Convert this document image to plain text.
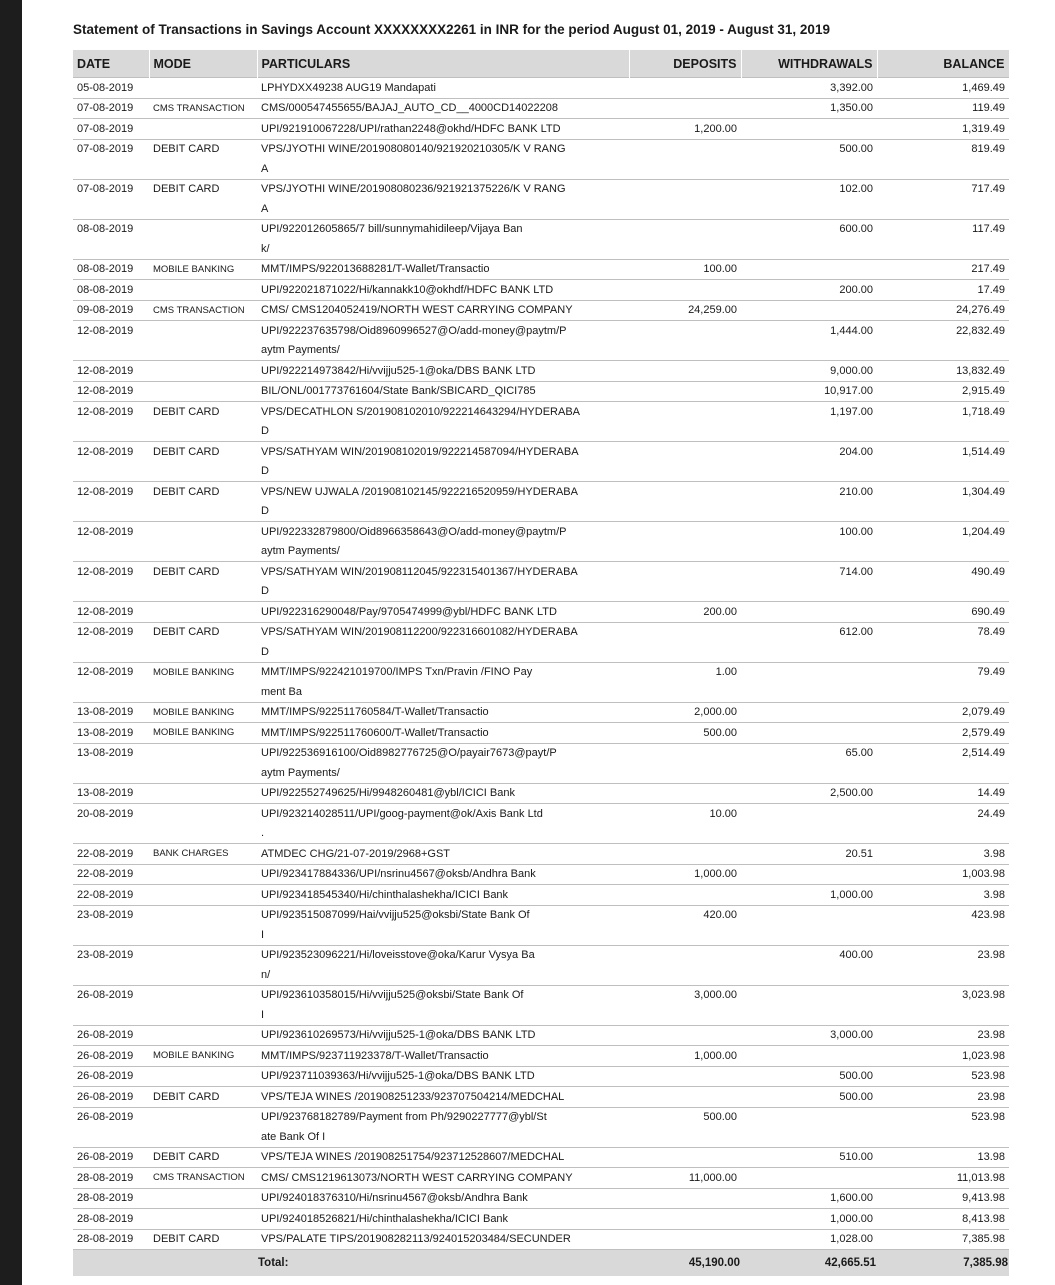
Statement of Transactions in Savings Account XXXXXXXX2261 in INR for the period August 01, 2019 - August 31, 2019
DATE	MODE	PARTICULARS	DEPOSITS	WITHDRAWALS	BALANCE
05-08-2019		LPHYDXX49238 AUG19 Mandapati		3,392.00	1,469.49
07-08-2019	CMS TRANSACTION	CMS/000547455655/BAJAJ_AUTO_CD__4000CD14022208		1,350.00	119.49
07-08-2019		UPI/921910067228/UPI/rathan2248@okhd/HDFC BANK LTD	1,200.00		1,319.49
07-08-2019	DEBIT CARD	VPS/JYOTHI WINE/201908080140/921920210305/K V RANG		500.00	819.49
		A			
07-08-2019	DEBIT CARD	VPS/JYOTHI WINE/201908080236/921921375226/K V RANG		102.00	717.49
		A			
08-08-2019		UPI/922012605865/7 bill/sunnymahidileep/Vijaya Ban		600.00	117.49
		k/			
08-08-2019	MOBILE BANKING	MMT/IMPS/922013688281/T-Wallet/Transactio	100.00		217.49
08-08-2019		UPI/922021871022/Hi/kannakk10@okhdf/HDFC BANK LTD		200.00	17.49
09-08-2019	CMS TRANSACTION	CMS/ CMS1204052419/NORTH WEST CARRYING COMPANY	24,259.00		24,276.49
12-08-2019		UPI/922237635798/Oid8960996527@O/add-money@paytm/P		1,444.00	22,832.49
		aytm Payments/			
12-08-2019		UPI/922214973842/Hi/vvijju525-1@oka/DBS BANK LTD		9,000.00	13,832.49
12-08-2019		BIL/ONL/001773761604/State Bank/SBICARD_QICI785		10,917.00	2,915.49
12-08-2019	DEBIT CARD	VPS/DECATHLON S/201908102010/922214643294/HYDERABA		1,197.00	1,718.49
		D			
12-08-2019	DEBIT CARD	VPS/SATHYAM WIN/201908102019/922214587094/HYDERABA		204.00	1,514.49
		D			
12-08-2019	DEBIT CARD	VPS/NEW UJWALA /201908102145/922216520959/HYDERABA		210.00	1,304.49
		D			
12-08-2019		UPI/922332879800/Oid8966358643@O/add-money@paytm/P		100.00	1,204.49
		aytm Payments/			
12-08-2019	DEBIT CARD	VPS/SATHYAM WIN/201908112045/922315401367/HYDERABA		714.00	490.49
		D			
12-08-2019		UPI/922316290048/Pay/9705474999@ybl/HDFC BANK LTD	200.00		690.49
12-08-2019	DEBIT CARD	VPS/SATHYAM WIN/201908112200/922316601082/HYDERABA		612.00	78.49
		D			
12-08-2019	MOBILE BANKING	MMT/IMPS/922421019700/IMPS Txn/Pravin /FINO Pay	1.00		79.49
		ment Ba			
13-08-2019	MOBILE BANKING	MMT/IMPS/922511760584/T-Wallet/Transactio	2,000.00		2,079.49
13-08-2019	MOBILE BANKING	MMT/IMPS/922511760600/T-Wallet/Transactio	500.00		2,579.49
13-08-2019		UPI/922536916100/Oid8982776725@O/payair7673@payt/P		65.00	2,514.49
		aytm Payments/			
13-08-2019		UPI/922552749625/Hi/9948260481@ybl/ICICI Bank		2,500.00	14.49
20-08-2019		UPI/923214028511/UPI/goog-payment@ok/Axis Bank Ltd	10.00		24.49
		.			
22-08-2019	BANK CHARGES	ATMDEC CHG/21-07-2019/2968+GST		20.51	3.98
22-08-2019		UPI/923417884336/UPI/nsrinu4567@oksb/Andhra Bank	1,000.00		1,003.98
22-08-2019		UPI/923418545340/Hi/chinthalashekha/ICICI Bank		1,000.00	3.98
23-08-2019		UPI/923515087099/Hai/vvijju525@oksbi/State Bank Of	420.00		423.98
		I			
23-08-2019		UPI/923523096221/Hi/loveisstove@oka/Karur Vysya Ba		400.00	23.98
		n/			
26-08-2019		UPI/923610358015/Hi/vvijju525@oksbi/State Bank Of	3,000.00		3,023.98
		I			
26-08-2019		UPI/923610269573/Hi/vvijju525-1@oka/DBS BANK LTD		3,000.00	23.98
26-08-2019	MOBILE BANKING	MMT/IMPS/923711923378/T-Wallet/Transactio	1,000.00		1,023.98
26-08-2019		UPI/923711039363/Hi/vvijju525-1@oka/DBS BANK LTD		500.00	523.98
26-08-2019	DEBIT CARD	VPS/TEJA WINES /201908251233/923707504214/MEDCHAL		500.00	23.98
26-08-2019		UPI/923768182789/Payment from Ph/9290227777@ybl/St	500.00		523.98
		ate Bank Of I			
26-08-2019	DEBIT CARD	VPS/TEJA WINES /201908251754/923712528607/MEDCHAL		510.00	13.98
28-08-2019	CMS TRANSACTION	CMS/ CMS1219613073/NORTH WEST CARRYING COMPANY	11,000.00		11,013.98
28-08-2019		UPI/924018376310/Hi/nsrinu4567@oksb/Andhra Bank		1,600.00	9,413.98
28-08-2019		UPI/924018526821/Hi/chinthalashekha/ICICI Bank		1,000.00	8,413.98
28-08-2019	DEBIT CARD	VPS/PALATE TIPS/201908282113/924015203484/SECUNDER		1,028.00	7,385.98
		Total:	45,190.00	42,665.51	7,385.98
